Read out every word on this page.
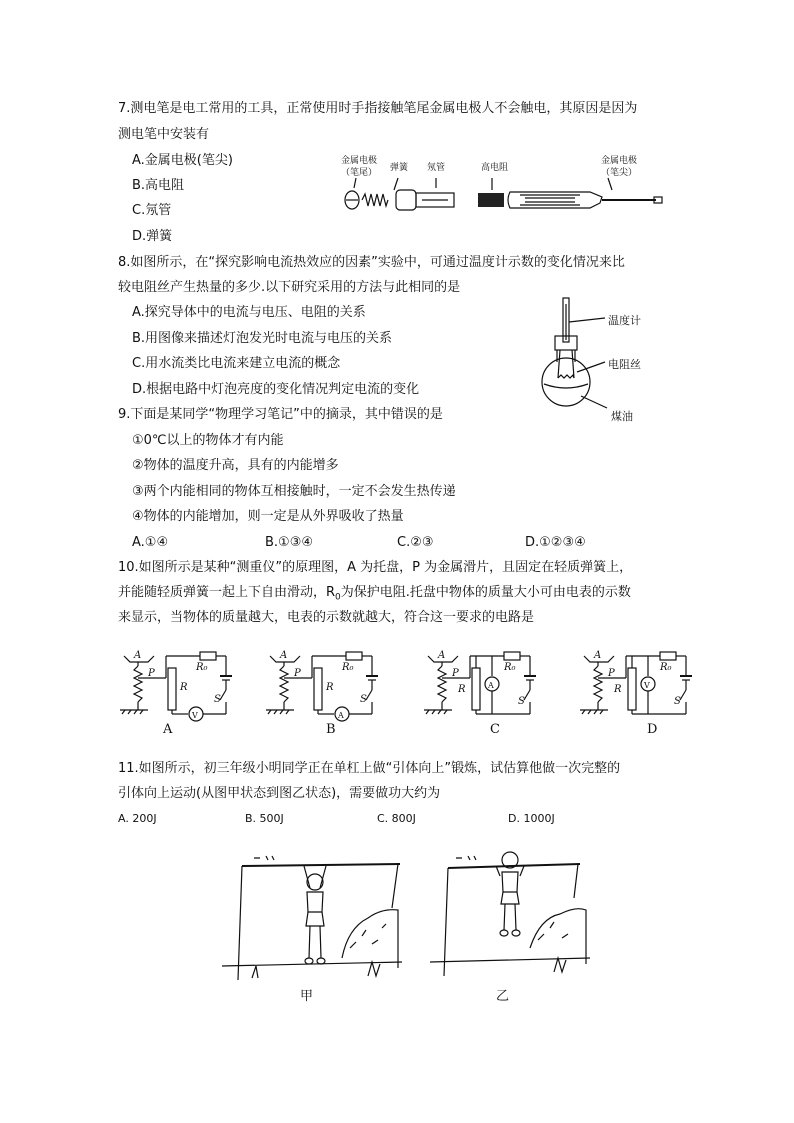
7.测电笔是电工常用的工具，正常使用时手指接触笔尾金属电极人不会触电，其原因是因为
测电笔中安装有
A.金属电极(笔尖)
B.高电阻
C.氖管
D.弹簧
金属电极
（笔尾） 弹簧 氖管	高电阻
金属电极
（笔尖）
8.如图所示，在“探究影响电流热效应的因素”实验中，可通过温度计示数的变化情况来比
较电阻丝产生热量的多少.以下研究采用的方法与此相同的是
A.探究导体中的电流与电压、电阻的关系
B.用图像来描述灯泡发光时电流与电压的关系
C.用水流类比电流来建立电流的概念
D.根据电路中灯泡亮度的变化情况判定电流的变化
温度计
电阻丝
煤油
9.下面是某同学“物理学习笔记”中的摘录，其中错误的是
①0℃以上的物体才有内能
②物体的温度升高，具有的内能增多
③两个内能相同的物体互相接触时，一定不会发生热传递
④物体的内能增加，则一定是从外界吸收了热量
A.①④	B.①③④	C.②③	D.①②③④
10.如图所示是某种“测重仪”的原理图，A 为托盘，P 为金属滑片，且固定在轻质弹簧上，
并能随轻质弹簧一起上下自由滑动，$R_0$为保护电阻.托盘中物体的质量大小可由电表的示数
来显示，当物体的质量越大，电表的示数就越大，符合这一要求的电路是
A
P
R
R₀
S
V
A
A
P
R
R₀
S
A
B
A
P
R
R₀
S
A
C
A
P
R
R₀
S
V
D
11.如图所示，初三年级小明同学正在单杠上做“引体向上”锻炼，试估算他做一次完整的
引体向上运动(从图甲状态到图乙状态)，需要做功大约为
A. 200J	B. 500J	C. 800J	D. 1000J
甲	乙
